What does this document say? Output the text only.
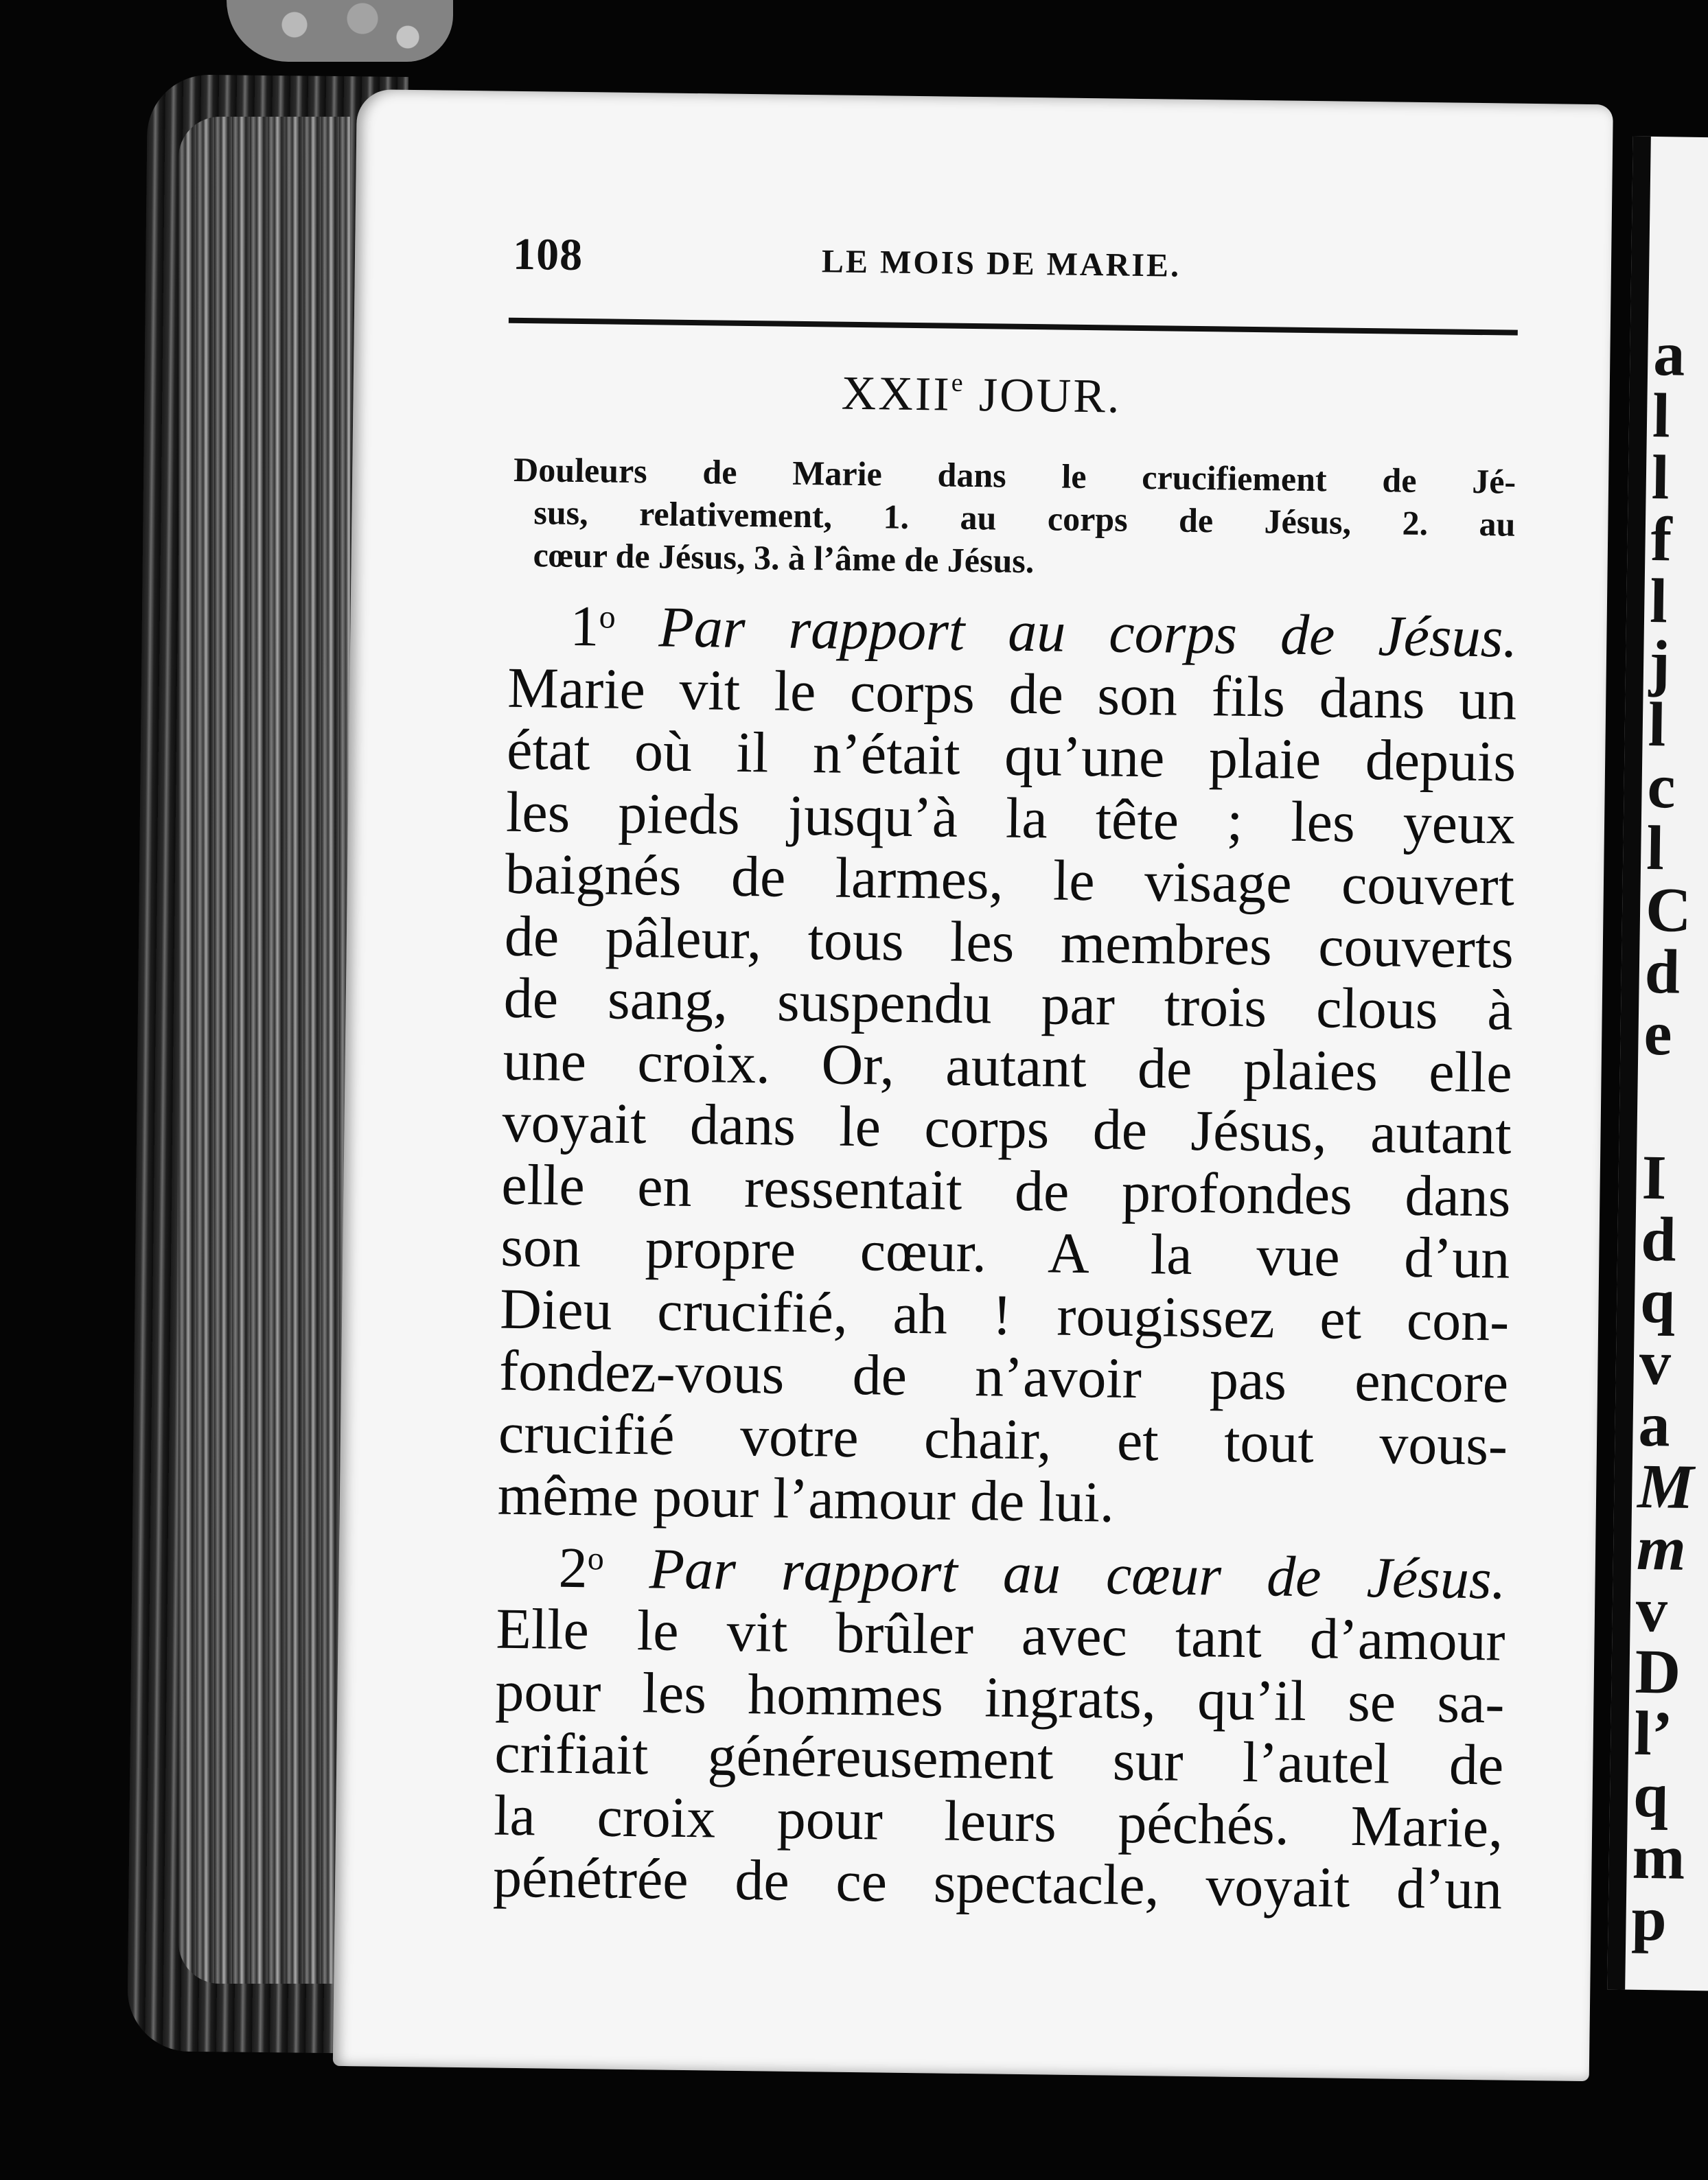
a
l
l
f
l
j
l
c
l
C
d
e
I
d
q
v
a
M
m
v
D
l’
q
m
p
108	LE MOIS DE MARIE.
XXIIe JOUR.
Douleurs de Marie dans le crucifiement de Jé-
sus, relativement, 1. au corps de Jésus, 2. au
cœur de Jésus, 3. à l’âme de Jésus.
1$^o$ Par rapport au corps de Jésus.
Marie vit le corps de son fils dans un
état où il n’était qu’une plaie depuis
les pieds jusqu’à la tête ; les yeux
baignés de larmes, le visage couvert
de pâleur, tous les membres couverts
de sang, suspendu par trois clous à
une croix. Or, autant de plaies elle
voyait dans le corps de Jésus, autant
elle en ressentait de profondes dans
son propre cœur. A la vue d’un
Dieu crucifié, ah ! rougissez et con-
fondez-vous de n’avoir pas encore
crucifié votre chair, et tout vous-
même pour l’amour de lui.
2$^o$ Par rapport au cœur de Jésus.
Elle le vit brûler avec tant d’amour
pour les hommes ingrats, qu’il se sa-
crifiait généreusement sur l’autel de
la croix pour leurs péchés. Marie,
pénétrée de ce spectacle, voyait d’un
